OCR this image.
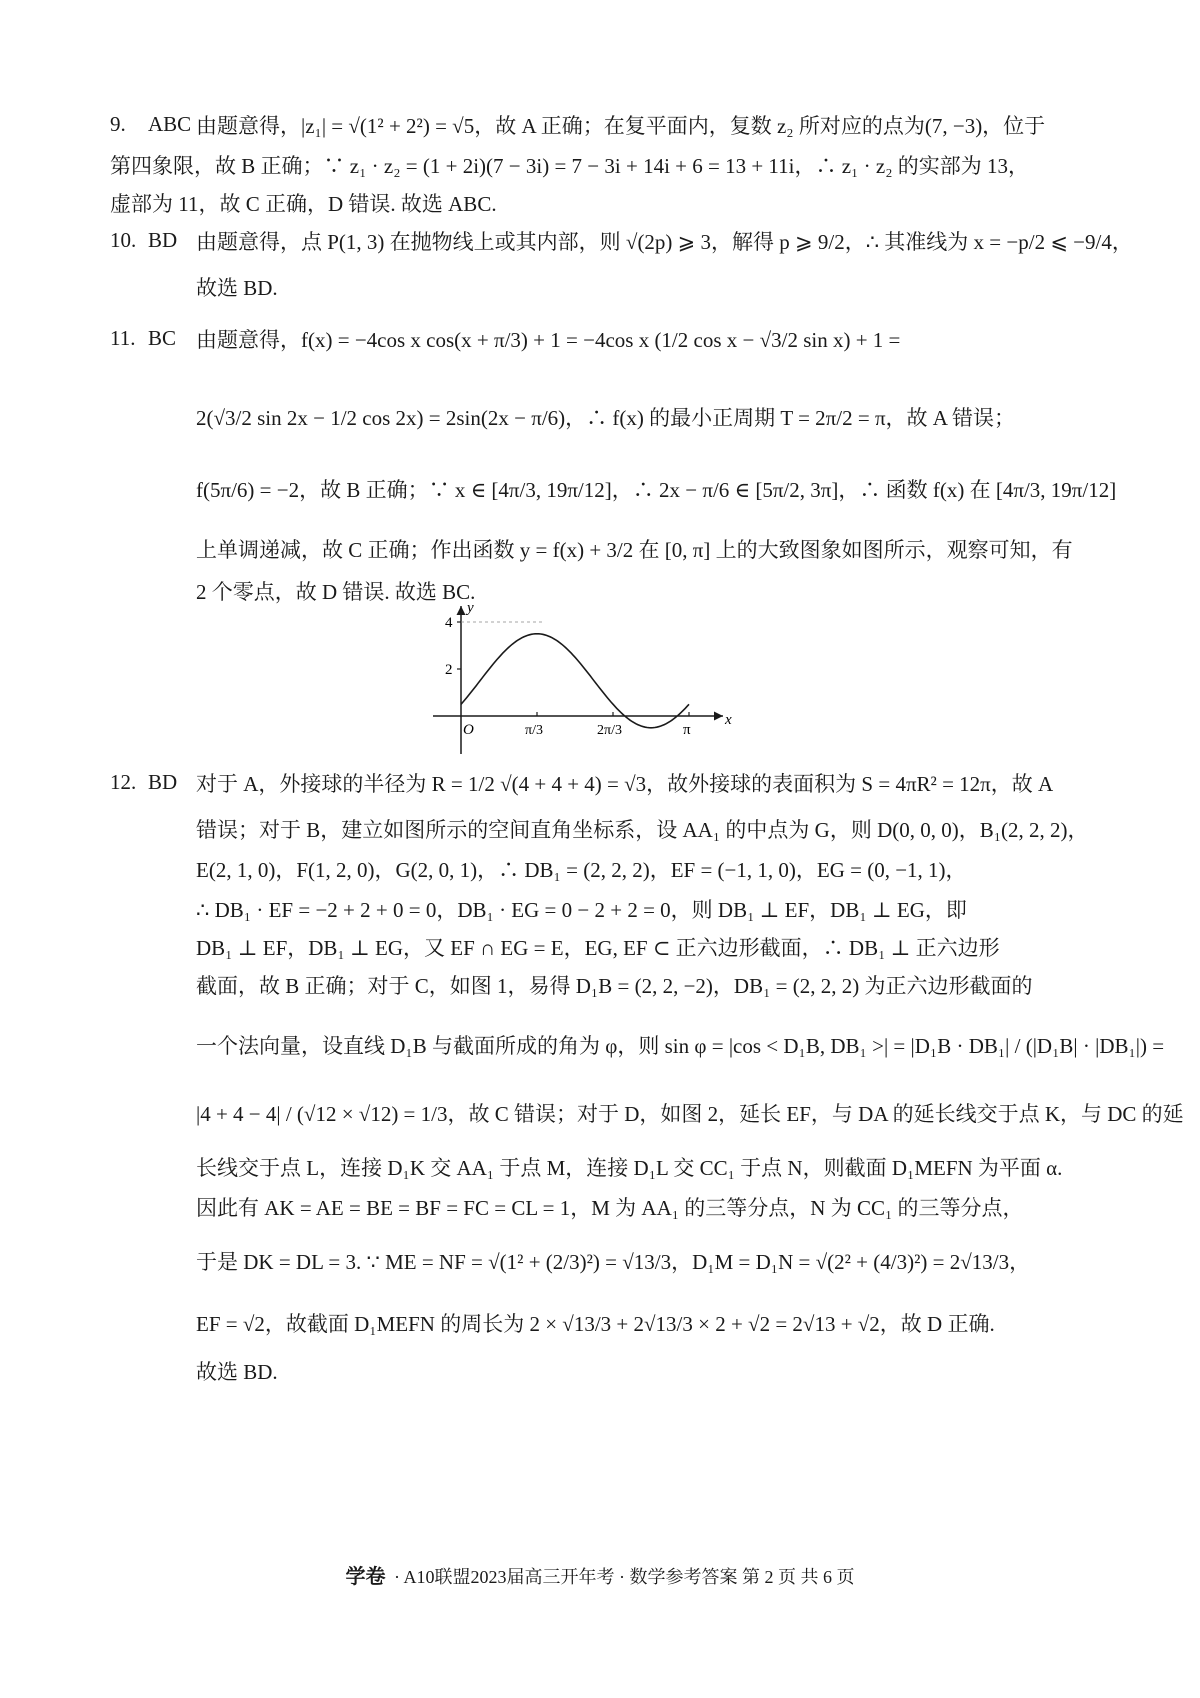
9.	ABC 由题意得，|z₁| = √(1² + 2²) = √5，故 A 正确；在复平面内，复数 z₂ 所对应的点为(7, −3)，位于
第四象限，故 B 正确；∵ z₁ · z₂ = (1 + 2i)(7 − 3i) = 7 − 3i + 14i + 6 = 13 + 11i，∴ z₁ · z₂ 的实部为 13，
虚部为 11，故 C 正确，D 错误. 故选 ABC.
10. BD 由题意得，点 P(1, 3) 在抛物线上或其内部，则 √(2p) ⩾ 3，解得 p ⩾ 9/2，∴ 其准线为 x = −p/2 ⩽ −9/4，
故选 BD.
11. BC 由题意得，f(x) = −4cos x cos(x + π/3) + 1 = −4cos x (1/2 cos x − √3/2 sin x) + 1 =
2(√3/2 sin 2x − 1/2 cos 2x) = 2sin(2x − π/6)，∴ f(x) 的最小正周期 T = 2π/2 = π，故 A 错误；
f(5π/6) = −2，故 B 正确；∵ x ∈ [4π/3, 19π/12]，∴ 2x − π/6 ∈ [5π/2, 3π]，∴ 函数 f(x) 在 [4π/3, 19π/12]
上单调递减，故 C 正确；作出函数 y = f(x) + 3/2 在 [0, π] 上的大致图象如图所示，观察可知，有
2 个零点，故 D 错误. 故选 BC.
y
x
O
4
2
π/3	2π/3	π
12. BD 对于 A，外接球的半径为 R = 1/2 √(4 + 4 + 4) = √3，故外接球的表面积为 S = 4πR² = 12π，故 A
错误；对于 B，建立如图所示的空间直角坐标系，设 AA₁ 的中点为 G，则 D(0, 0, 0)，B₁(2, 2, 2)，
E(2, 1, 0)，F(1, 2, 0)，G(2, 0, 1)，∴ DB₁ = (2, 2, 2)，EF = (−1, 1, 0)，EG = (0, −1, 1)，
∴ DB₁ · EF = −2 + 2 + 0 = 0，DB₁ · EG = 0 − 2 + 2 = 0，则 DB₁ ⊥ EF，DB₁ ⊥ EG，即
DB₁ ⊥ EF，DB₁ ⊥ EG，又 EF ∩ EG = E，EG, EF ⊂ 正六边形截面，∴ DB₁ ⊥ 正六边形
截面，故 B 正确；对于 C，如图 1，易得 D₁B = (2, 2, −2)，DB₁ = (2, 2, 2) 为正六边形截面的
一个法向量，设直线 D₁B 与截面所成的角为 φ，则 sin φ = |cos < D₁B, DB₁ >| = |D₁B · DB₁| / (|D₁B| · |DB₁|) =
|4 + 4 − 4| / (√12 × √12) = 1/3，故 C 错误；对于 D，如图 2，延长 EF，与 DA 的延长线交于点 K，与 DC 的延
长线交于点 L，连接 D₁K 交 AA₁ 于点 M，连接 D₁L 交 CC₁ 于点 N，则截面 D₁MEFN 为平面 α.
因此有 AK = AE = BE = BF = FC = CL = 1，M 为 AA₁ 的三等分点，N 为 CC₁ 的三等分点，
于是 DK = DL = 3. ∵ ME = NF = √(1² + (2/3)²) = √13/3，D₁M = D₁N = √(2² + (4/3)²) = 2√13/3，
EF = √2，故截面 D₁MEFN 的周长为 2 × √13/3 + 2√13/3 × 2 + √2 = 2√13 + √2，故 D 正确.
故选 BD.
学卷 · A10联盟2023届高三开年考 · 数学参考答案 第 2 页 共 6 页
